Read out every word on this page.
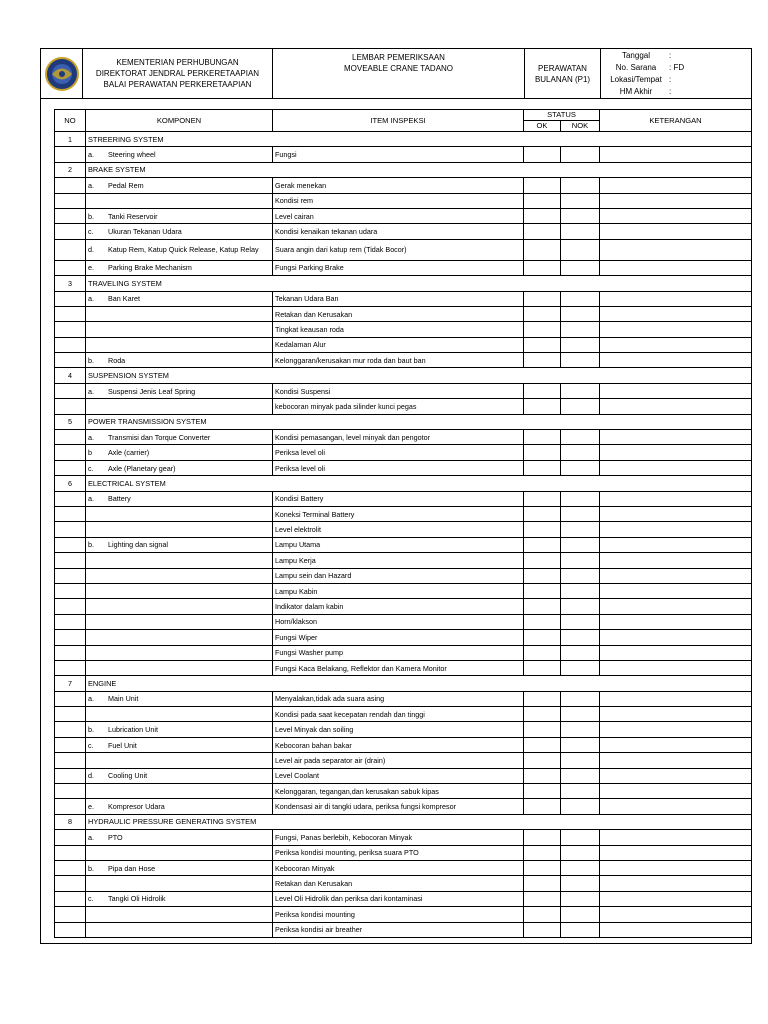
KEMENTERIAN PERHUBUNGAN
DIREKTORAT JENDRAL PERKERETAAPIAN
BALAI PERAWATAN PERKERETAAPIAN
LEMBAR PEMERIKSAAN
MOVEABLE CRANE TADANO	PERAWATAN
BULANAN (P1)
Tanggal	:
No. Sarana	: FD
Lokasi/Tempat :
HM Akhir	:
NO	KOMPONEN	ITEM INSPEKSI	STATUS		KETERANGAN
			OK	NOK	
1	STREERING SYSTEM				
	a. Steering wheel	Fungsi			
2	BRAKE SYSTEM				
	a. Pedal Rem	Gerak menekan			
		Kondisi rem			
	b. Tanki Reservoir	Level cairan			
	c. Ukuran Tekanan Udara	Kondisi kenaikan tekanan udara			
	d. Katup Rem, Katup Quick Release, Katup Relay	Suara angin dari katup rem (Tidak Bocor)			
	e. Parking Brake Mechanism	Fungsi Parking Brake			
3	TRAVELING SYSTEM				
	a. Ban Karet	Tekanan Udara Ban			
		Retakan dan Kerusakan			
		Tingkat keausan roda			
		Kedalaman Alur			
	b. Roda	Kelonggaran/kerusakan mur roda dan baut ban			
4	SUSPENSION SYSTEM				
	a. Suspensi Jenis Leaf Spring	Kondisi Suspensi			
		kebocoran minyak pada silinder kunci pegas			
5	POWER TRANSMISSION SYSTEM				
	a. Transmisi dan Torque Converter	Kondisi pemasangan, level minyak dan pengotor			
	b Axle (carrier)	Periksa level oli			
	c. Axle (Planetary gear)	Periksa level oli			
6	ELECTRICAL SYSTEM				
	a. Battery	Kondisi Battery			
		Koneksi Terminal Battery			
		Level elektrolit			
	b. Lighting dan signal	Lampu Utama			
		Lampu Kerja			
		Lampu sein dan Hazard			
		Lampu Kabin			
		Indikator dalam kabin			
		Horn/klakson			
		Fungsi Wiper			
		Fungsi Washer pump			
		Fungsi Kaca Belakang, Reflektor dan Kamera Monitor			
7	ENGINE				
	a. Main Unit	Menyalakan,tidak ada suara asing			
		Kondisi pada saat kecepatan rendah dan tinggi			
	b. Lubrication Unit	Level Minyak dan soiling			
	c. Fuel Unit	Kebocoran bahan bakar			
		Level air pada separator air (drain)			
	d. Cooling Unit	Level Coolant			
		Kelonggaran, tegangan,dan kerusakan sabuk kipas			
	e. Kompresor Udara	Kondensasi air di tangki udara, periksa fungsi kompresor			
8	HYDRAULIC PRESSURE GENERATING SYSTEM				
	a. PTO	Fungsi, Panas berlebih, Kebocoran Minyak			
		Periksa kondisi mounting, periksa suara PTO			
	b. Pipa dan Hose	Kebocoran Minyak			
		Retakan dan Kerusakan			
	c. Tangki Oli Hidrolik	Level Oli Hidrolik dan periksa dari kontaminasi			
		Periksa kondisi mounting			
		Periksa kondisi air breather			
